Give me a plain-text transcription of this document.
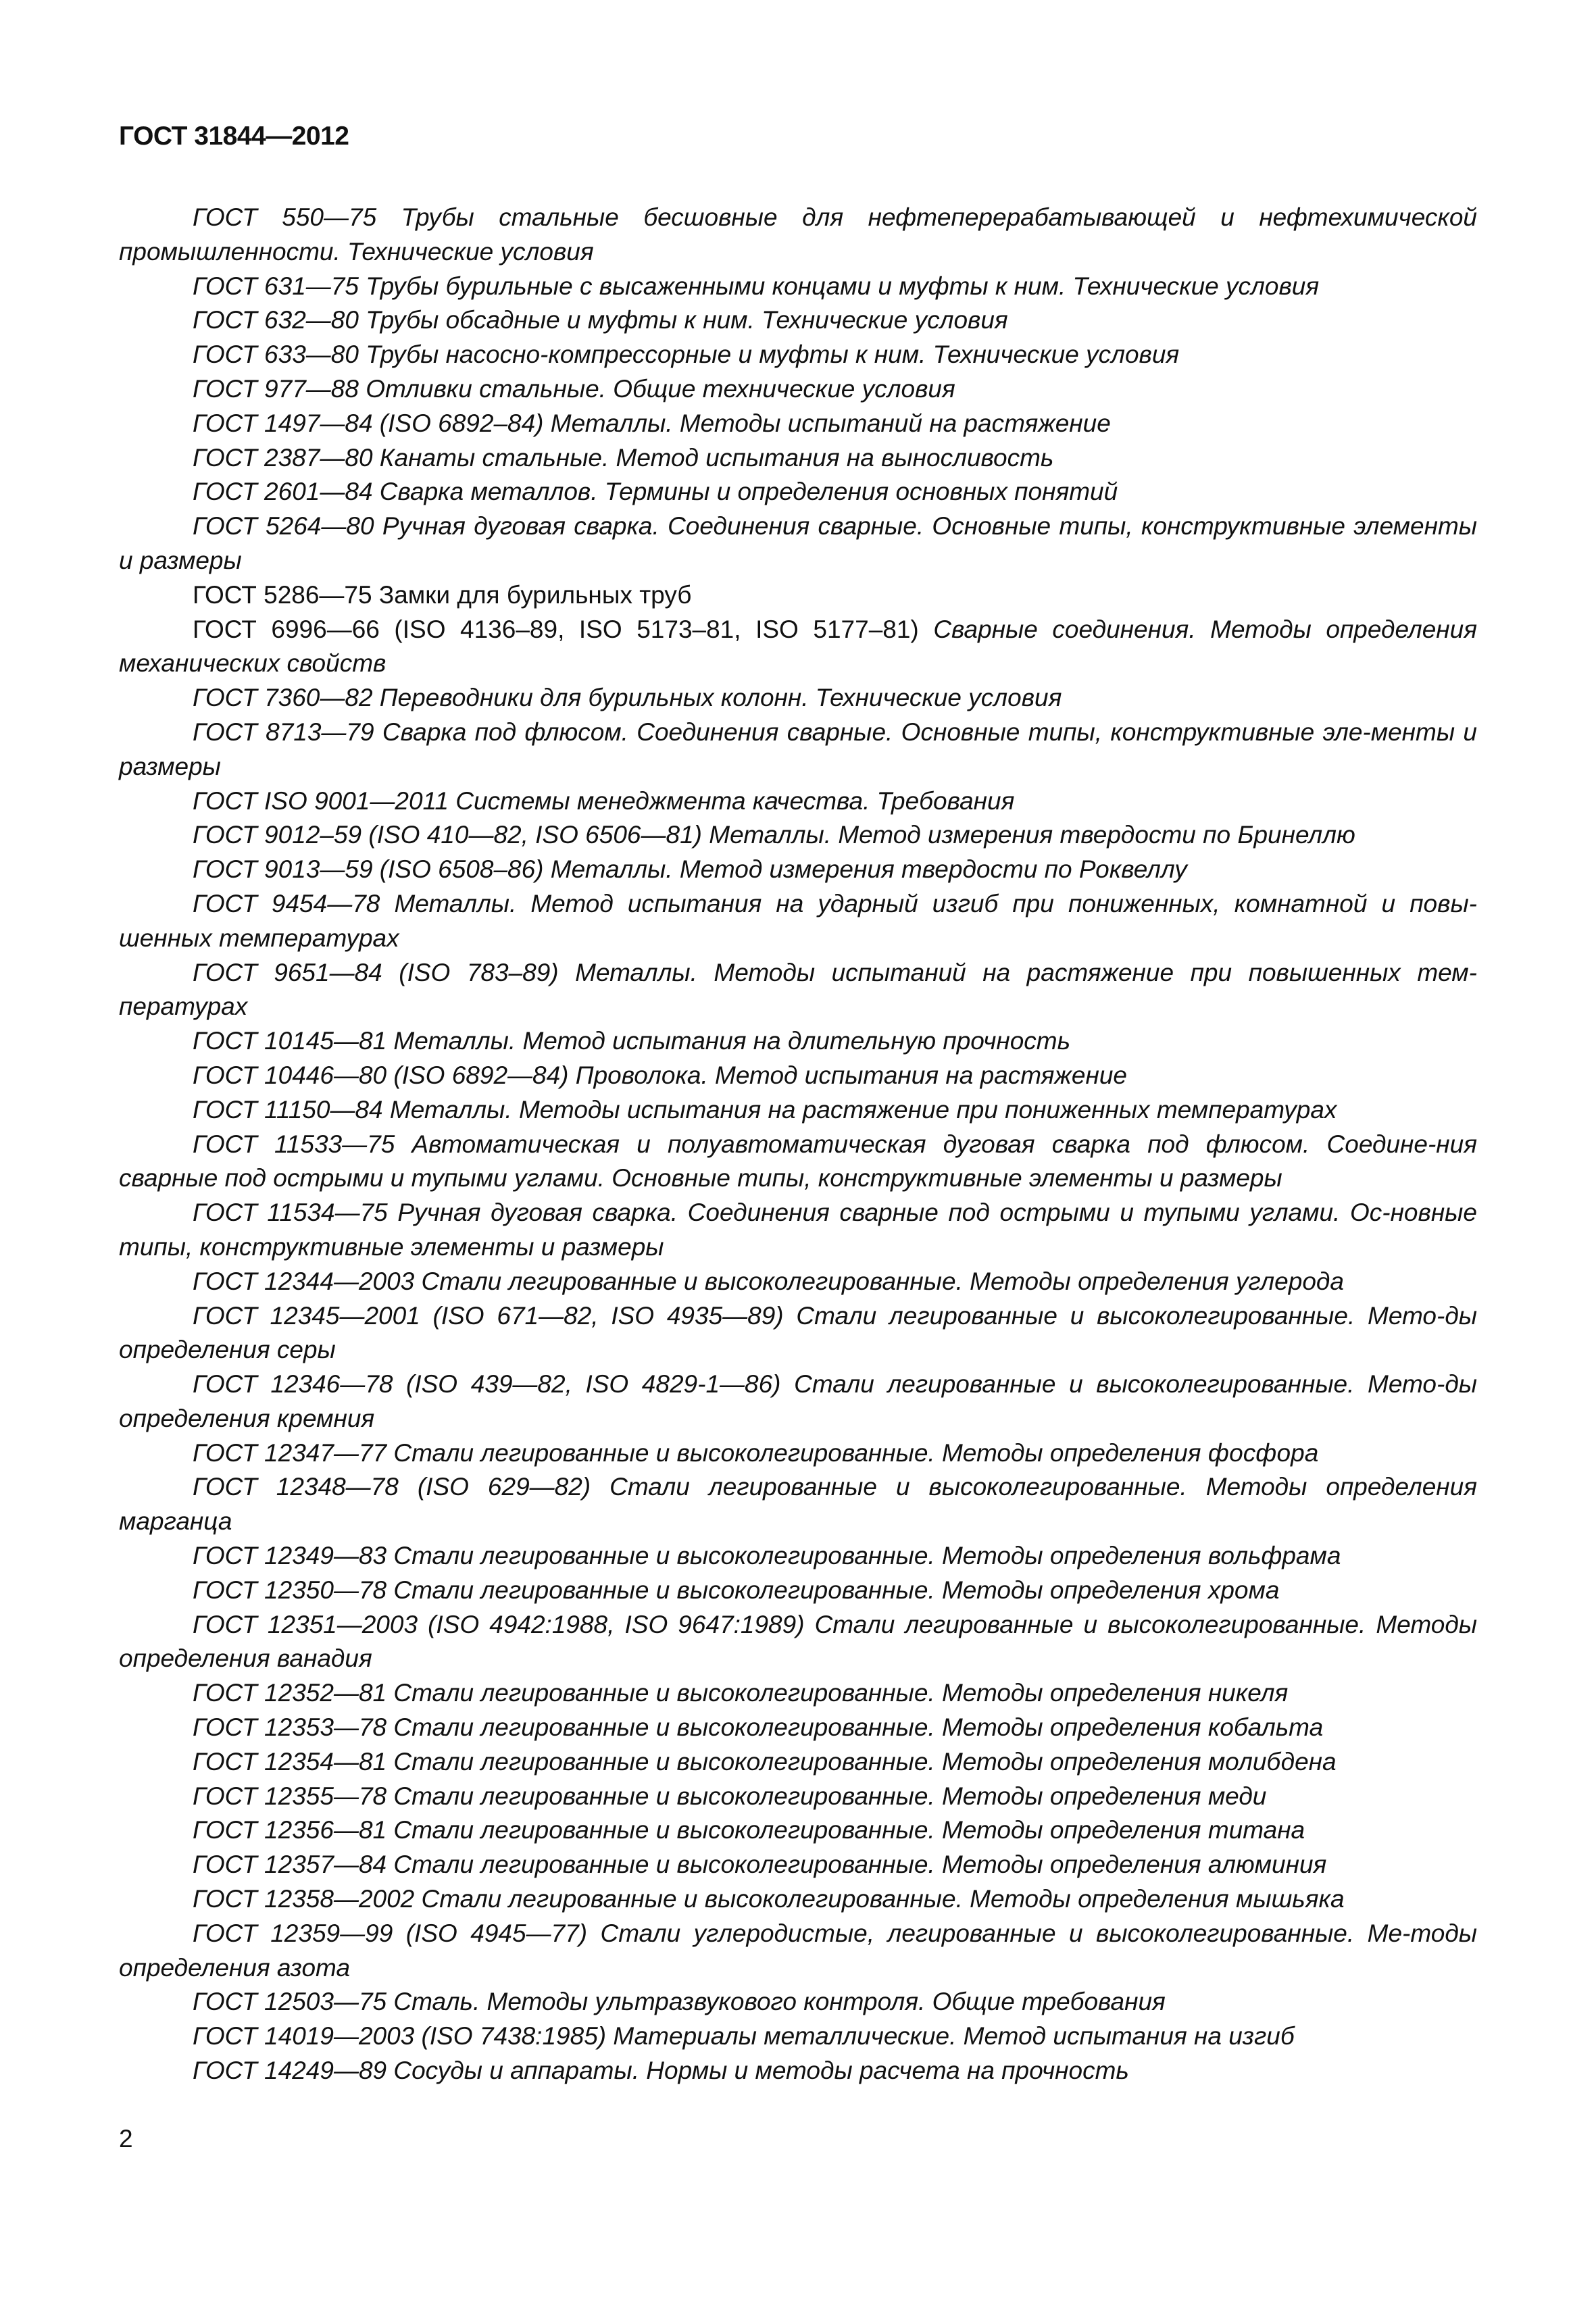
ГОСТ 31844—2012
ГОСТ 550—75 Трубы стальные бесшовные для нефтеперерабатывающей и нефтехимической промышленности. Технические условия
ГОСТ 631—75 Трубы бурильные с высаженными концами и муфты к ним. Технические условия
ГОСТ 632—80 Трубы обсадные и муфты к ним. Технические условия
ГОСТ 633—80 Трубы насосно-компрессорные и муфты к ним. Технические условия
ГОСТ 977—88 Отливки стальные. Общие технические условия
ГОСТ 1497—84 (ISO 6892–84) Металлы. Методы испытаний на растяжение
ГОСТ 2387—80 Канаты стальные. Метод испытания на выносливость
ГОСТ 2601—84 Сварка металлов. Термины и определения основных понятий
ГОСТ 5264—80 Ручная дуговая сварка. Соединения сварные. Основные типы, конструктивные элементы и размеры
ГОСТ 5286—75 Замки для бурильных труб
ГОСТ 6996—66 (ISO 4136–89, ISO 5173–81, ISO 5177–81) Сварные соединения. Методы определения механических свойств
ГОСТ 7360—82 Переводники для бурильных колонн. Технические условия
ГОСТ 8713—79 Сварка под флюсом. Соединения сварные. Основные типы, конструктивные эле-менты и размеры
ГОСТ ISO 9001—2011 Системы менеджмента качества. Требования
ГОСТ 9012–59 (ISO 410—82, ISO 6506—81) Металлы. Метод измерения твердости по Бринеллю
ГОСТ 9013—59 (ISO 6508–86) Металлы. Метод измерения твердости по Роквеллу
ГОСТ 9454—78 Металлы. Метод испытания на ударный изгиб при пониженных, комнатной и повы-шенных температурах
ГОСТ 9651—84 (ISO 783–89) Металлы. Методы испытаний на растяжение при повышенных тем-пературах
ГОСТ 10145—81 Металлы. Метод испытания на длительную прочность
ГОСТ 10446—80 (ISO 6892—84) Проволока. Метод испытания на растяжение
ГОСТ 11150—84 Металлы. Методы испытания на растяжение при пониженных температурах
ГОСТ 11533—75 Автоматическая и полуавтоматическая дуговая сварка под флюсом. Соедине-ния сварные под острыми и тупыми углами. Основные типы, конструктивные элементы и размеры
ГОСТ 11534—75 Ручная дуговая сварка. Соединения сварные под острыми и тупыми углами. Ос-новные типы, конструктивные элементы и размеры
ГОСТ 12344—2003 Стали легированные и высоколегированные. Методы определения углерода
ГОСТ 12345—2001 (ISO 671—82, ISO 4935—89) Стали легированные и высоколегированные. Мето-ды определения серы
ГОСТ 12346—78 (ISO 439—82, ISO 4829-1—86) Стали легированные и высоколегированные. Мето-ды определения кремния
ГОСТ 12347—77 Стали легированные и высоколегированные. Методы определения фосфора
ГОСТ 12348—78 (ISO 629—82) Стали легированные и высоколегированные. Методы определения марганца
ГОСТ 12349—83 Стали легированные и высоколегированные. Методы определения вольфрама
ГОСТ 12350—78 Стали легированные и высоколегированные. Методы определения хрома
ГОСТ 12351—2003 (ISO 4942:1988, ISO 9647:1989) Стали легированные и высоколегированные. Методы определения ванадия
ГОСТ 12352—81 Стали легированные и высоколегированные. Методы определения никеля
ГОСТ 12353—78 Стали легированные и высоколегированные. Методы определения кобальта
ГОСТ 12354—81 Стали легированные и высоколегированные. Методы определения молибдена
ГОСТ 12355—78 Стали легированные и высоколегированные. Методы определения меди
ГОСТ 12356—81 Стали легированные и высоколегированные. Методы определения титана
ГОСТ 12357—84 Стали легированные и высоколегированные. Методы определения алюминия
ГОСТ 12358—2002 Стали легированные и высоколегированные. Методы определения мышьяка
ГОСТ 12359—99 (ISO 4945—77) Стали углеродистые, легированные и высоколегированные. Ме-тоды определения азота
ГОСТ 12503—75 Сталь. Методы ультразвукового контроля. Общие требования
ГОСТ 14019—2003 (ISO 7438:1985) Материалы металлические. Метод испытания на изгиб
ГОСТ 14249—89 Сосуды и аппараты. Нормы и методы расчета на прочность
2
